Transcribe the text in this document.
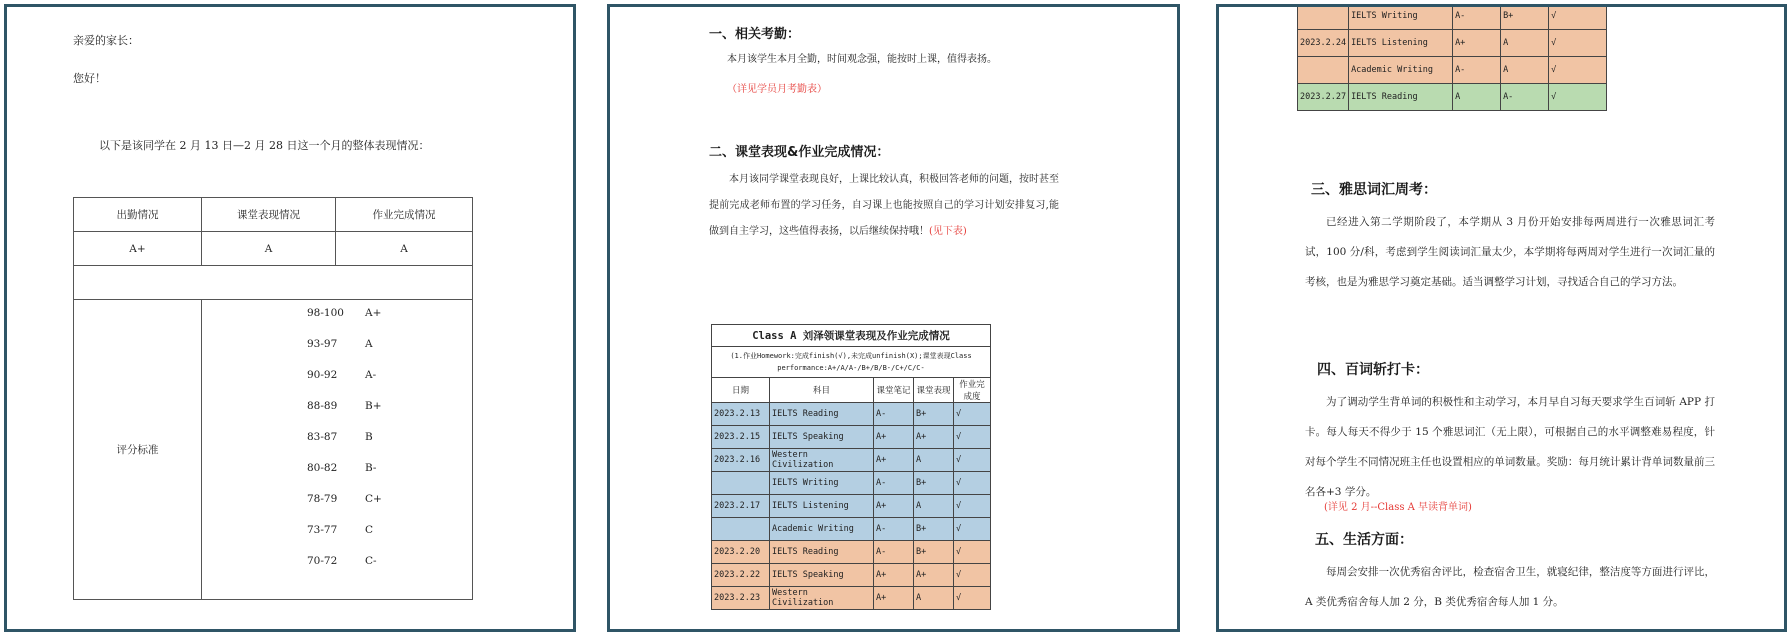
亲爱的家长：
您好！
以下是该同学在 2 月 13 日—2 月 28 日这一个月的整体表现情况：
出勤情况	课堂表现情况	作业完成情况
A+	A	A

评分标准		
98-100 A+
93-97	A
90-92	A-
88-89	B+
83-87	B
80-82	B-
78-79	C+
73-77	C
70-72	C-
一、相关考勤：
本月该学生本月全勤，时间观念强，能按时上课，值得表扬。
（详见学员月考勤表）
二、课堂表现&作业完成情况：
本月该同学课堂表现良好，上课比较认真，积极回答老师的问题，按时甚至提前完成老师布置的学习任务，自习课上也能按照自己的学习计划安排复习,能做到自主学习，这些值得表扬，以后继续保持哦！(见下表)
Class A 刘泽领课堂表现及作业完成情况				
(1.作业Homework:完成finish(√),未完成unfinish(X);课堂表现Class performance:A+/A/A-/B+/B/B-/C+/C/C-				
日期	科目	课堂笔记	课堂表现	作业完成度
2023.2.13	IELTS Reading	A-	B+	√
2023.2.15	IELTS Speaking	A+	A+	√
2023.2.16	Western Civilization	A+	A	√
	IELTS Writing	A-	B+	√
2023.2.17	IELTS Listening	A+	A	√
	Academic Writing	A-	B+	√
2023.2.20	IELTS Reading	A-	B+	√
2023.2.22	IELTS Speaking	A+	A+	√
2023.2.23	Western Civilization	A+	A	√
	IELTS Writing	A-	B+	√
2023.2.24	IELTS Listening	A+	A	√
	Academic Writing	A-	A	√
2023.2.27	IELTS Reading	A	A-	√
三、雅思词汇周考：
已经进入第二学期阶段了，本学期从 3 月份开始安排每两周进行一次雅思词汇考试，100 分/科，考虑到学生阅读词汇量太少，本学期将每两周对学生进行一次词汇量的考核，也是为雅思学习奠定基础。适当调整学习计划，寻找适合自己的学习方法。
四、百词斩打卡：
为了调动学生背单词的积极性和主动学习，本月早自习每天要求学生百词斩 APP 打卡。每人每天不得少于 15 个雅思词汇（无上限），可根据自己的水平调整难易程度，针对每个学生不同情况班主任也设置相应的单词数量。奖励：每月统计累计背单词数量前三名各+3 学分。
(详见 2 月--Class A 早读背单词)
五、生活方面：
每周会安排一次优秀宿舍评比，检查宿舍卫生，就寝纪律，整洁度等方面进行评比，A 类优秀宿舍每人加 2 分，B 类优秀宿舍每人加 1 分。
